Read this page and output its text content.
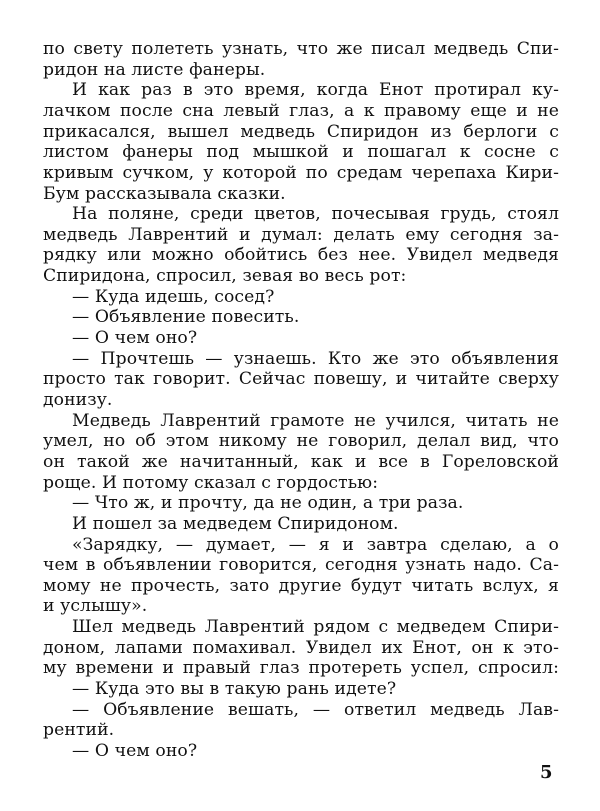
по свету полететь узнать, что же писал медведь Спи-
ридон на листе фанеры.
И как раз в это время, когда Енот протирал ку-
лачком после сна левый глаз, а к правому еще и не
прикасался, вышел медведь Спиридон из берлоги с
листом фанеры под мышкой и пошагал к сосне с
кривым сучком, у которой по средам черепаха Кири-
Бум рассказывала сказки.
На поляне, среди цветов, почесывая грудь, стоял
медведь Лаврентий и думал: делать ему сегодня за-
рядку или можно обойтись без нее. Увидел медведя
Спиридона, спросил, зевая во весь рот:
— Куда идешь, сосед?
— Объявление повесить.
— О чем оно?
— Прочтешь — узнаешь. Кто же это объявления
просто так говорит. Сейчас повешу, и читайте сверху
донизу.
Медведь Лаврентий грамоте не учился, читать не
умел, но об этом никому не говорил, делал вид, что
он такой же начитанный, как и все в Гореловской
роще. И потому сказал с гордостью:
— Что ж, и прочту, да не один, а три раза.
И пошел за медведем Спиридоном.
«Зарядку, — думает, — я и завтра сделаю, а о
чем в объявлении говорится, сегодня узнать надо. Са-
мому не прочесть, зато другие будут читать вслух, я
и услышу».
Шел медведь Лаврентий рядом с медведем Спири-
доном, лапами помахивал. Увидел их Енот, он к это-
му времени и правый глаз протереть успел, спросил:
— Куда это вы в такую рань идете?
— Объявление вешать, — ответил медведь Лав-
рентий.
— О чем оно?
5
